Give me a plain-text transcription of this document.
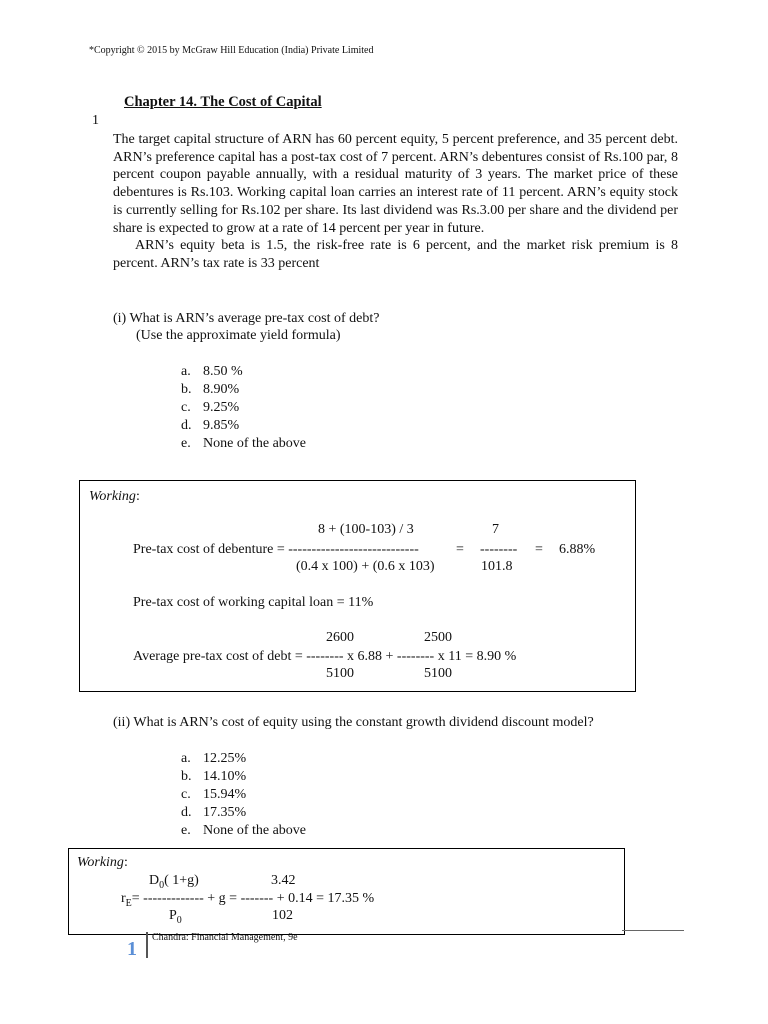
*Copyright © 2015 by McGraw Hill Education (India) Private Limited
Chapter 14. The Cost of Capital
1

The target capital structure of ARN has 60 percent equity, 5 percent preference, and 35 percent debt. ARN’s preference capital has a post-tax cost of 7 percent. ARN’s debentures consist of Rs.100 par, 8 percent coupon payable annually, with a residual maturity of 3 years. The market price of these debentures is Rs.103. Working capital loan carries an interest rate of 11 percent. ARN’s equity stock is currently selling for Rs.102 per share. Its last dividend was Rs.3.00 per share and the dividend per share is expected to grow at a rate of 14 percent per year in future.

ARN’s equity beta is 1.5, the risk-free rate is 6 percent, and the market risk premium is 8 percent. ARN’s tax rate is 33 percent

(i) What is ARN’s average pre-tax cost of debt?
(Use the approximate yield formula)
a. 8.50 %
b. 8.90%
c. 9.25%
d. 9.85%
e. None of the above
Working:
8 + (100-103) / 3	7
Pre-tax cost of debenture = ----------------------------	= -------- = 6.88%
(0.4 x 100) + (0.6 x 103)	101.8
Pre-tax cost of working capital loan = 11%
2600	2500
Average pre-tax cost of debt = -------- x 6.88 + -------- x 11 = 8.90 %
5100	5100
(ii) What is ARN’s cost of equity using the constant growth dividend discount model?
a. 12.25%
b. 14.10%
c. 15.94%
d. 17.35%
e. None of the above
Working:
$D_0$( 1+g)	3.42
$r_E=$ ------------- + g = ------- + 0.14 = 17.35 %
$P_0$	102
1
Chandra: Financial Management, 9e
